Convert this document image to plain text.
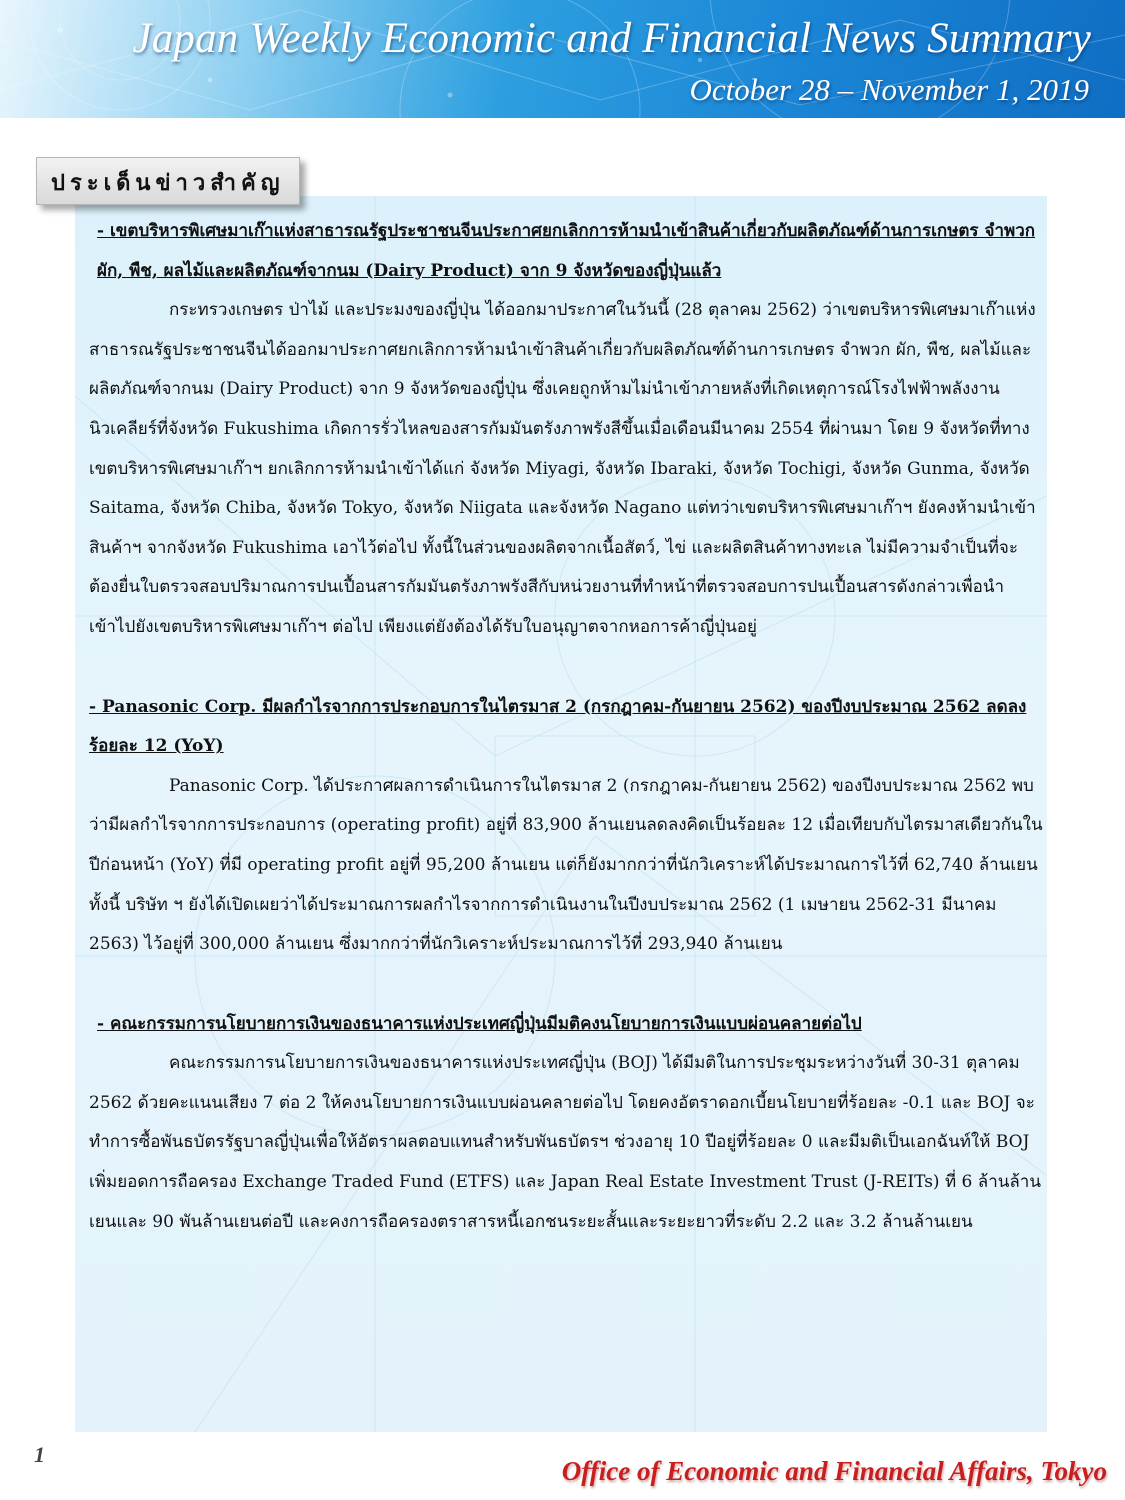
Japan Weekly Economic and Financial News Summary
October 28 – November 1, 2019
ประเด็นข่าวสำคัญ

- เขตบริหารพิเศษมาเก๊าแห่งสาธารณรัฐประชาชนจีนประกาศยกเลิกการห้ามนำเข้าสินค้าเกี่ยวกับผลิตภัณฑ์ด้านการเกษตร จำพวก ผัก, พืช, ผลไม้และผลิตภัณฑ์จากนม (Dairy Product) จาก 9 จังหวัดของญี่ปุ่นแล้ว

กระทรวงเกษตร ป่าไม้ และประมงของญี่ปุ่น ได้ออกมาประกาศในวันนี้ (28 ตุลาคม 2562) ว่าเขตบริหารพิเศษมาเก๊าแห่งสาธารณรัฐประชาชนจีนได้ออกมาประกาศยกเลิกการห้ามนำเข้าสินค้าเกี่ยวกับผลิตภัณฑ์ด้านการเกษตร จำพวก ผัก, พืช, ผลไม้และผลิตภัณฑ์จากนม (Dairy Product) จาก 9 จังหวัดของญี่ปุ่น ซึ่งเคยถูกห้ามไม่นำเข้าภายหลังที่เกิดเหตุการณ์โรงไฟฟ้าพลังงานนิวเคลียร์ที่จังหวัด Fukushima เกิดการรั่วไหลของสารกัมมันตรังภาพรังสีขึ้นเมื่อเดือนมีนาคม 2554 ที่ผ่านมา โดย 9 จังหวัดที่ทางเขตบริหารพิเศษมาเก๊าฯ ยกเลิกการห้ามนำเข้าได้แก่ จังหวัด Miyagi, จังหวัด Ibaraki, จังหวัด Tochigi, จังหวัด Gunma, จังหวัด Saitama, จังหวัด Chiba, จังหวัด Tokyo, จังหวัด Niigata และจังหวัด Nagano แต่ทว่าเขตบริหารพิเศษมาเก๊าฯ ยังคงห้ามนำเข้าสินค้าฯ จากจังหวัด Fukushima เอาไว้ต่อไป ทั้งนี้ในส่วนของผลิตจากเนื้อสัตว์, ไข่ และผลิตสินค้าทางทะเล ไม่มีความจำเป็นที่จะต้องยื่นใบตรวจสอบปริมาณการปนเปื้อนสารกัมมันตรังภาพรังสีกับหน่วยงานที่ทำหน้าที่ตรวจสอบการปนเปื้อนสารดังกล่าวเพื่อนำเข้าไปยังเขตบริหารพิเศษมาเก๊าฯ ต่อไป เพียงแต่ยังต้องได้รับใบอนุญาตจากหอการค้าญี่ปุ่นอยู่

- Panasonic Corp. มีผลกำไรจากการประกอบการในไตรมาส 2 (กรกฎาคม-กันยายน 2562) ของปีงบประมาณ 2562 ลดลงร้อยละ 12 (YoY)

Panasonic Corp. ได้ประกาศผลการดำเนินการในไตรมาส 2 (กรกฎาคม-กันยายน 2562) ของปีงบประมาณ 2562 พบว่ามีผลกำไรจากการประกอบการ (operating profit) อยู่ที่ 83,900 ล้านเยนลดลงคิดเป็นร้อยละ 12 เมื่อเทียบกับไตรมาสเดียวกันในปีก่อนหน้า (YoY) ที่มี operating profit อยู่ที่ 95,200 ล้านเยน แต่ก็ยังมากกว่าที่นักวิเคราะห์ได้ประมาณการไว้ที่ 62,740 ล้านเยน ทั้งนี้ บริษัท ฯ ยังได้เปิดเผยว่าได้ประมาณการผลกำไรจากการดำเนินงานในปีงบประมาณ 2562 (1 เมษายน 2562-31 มีนาคม 2563) ไว้อยู่ที่ 300,000 ล้านเยน ซึ่งมากกว่าที่นักวิเคราะห์ประมาณการไว้ที่ 293,940 ล้านเยน

- คณะกรรมการนโยบายการเงินของธนาคารแห่งประเทศญี่ปุ่นมีมติคงนโยบายการเงินแบบผ่อนคลายต่อไป

คณะกรรมการนโยบายการเงินของธนาคารแห่งประเทศญี่ปุ่น (BOJ) ได้มีมติในการประชุมระหว่างวันที่ 30-31 ตุลาคม 2562 ด้วยคะแนนเสียง 7 ต่อ 2 ให้คงนโยบายการเงินแบบผ่อนคลายต่อไป โดยคงอัตราดอกเบี้ยนโยบายที่ร้อยละ -0.1 และ BOJ จะทำการซื้อพันธบัตรรัฐบาลญี่ปุ่นเพื่อให้อัตราผลตอบแทนสำหรับพันธบัตรฯ ช่วงอายุ 10 ปีอยู่ที่ร้อยละ 0 และมีมติเป็นเอกฉันท์ให้ BOJ เพิ่มยอดการถือครอง Exchange Traded Fund (ETFS) และ Japan Real Estate Investment Trust (J-REITs) ที่ 6 ล้านล้านเยนและ 90 พันล้านเยนต่อปี และคงการถือครองตราสารหนี้เอกชนระยะสั้นและระยะยาวที่ระดับ 2.2 และ 3.2 ล้านล้านเยน

1
Office of Economic and Financial Affairs, Tokyo
